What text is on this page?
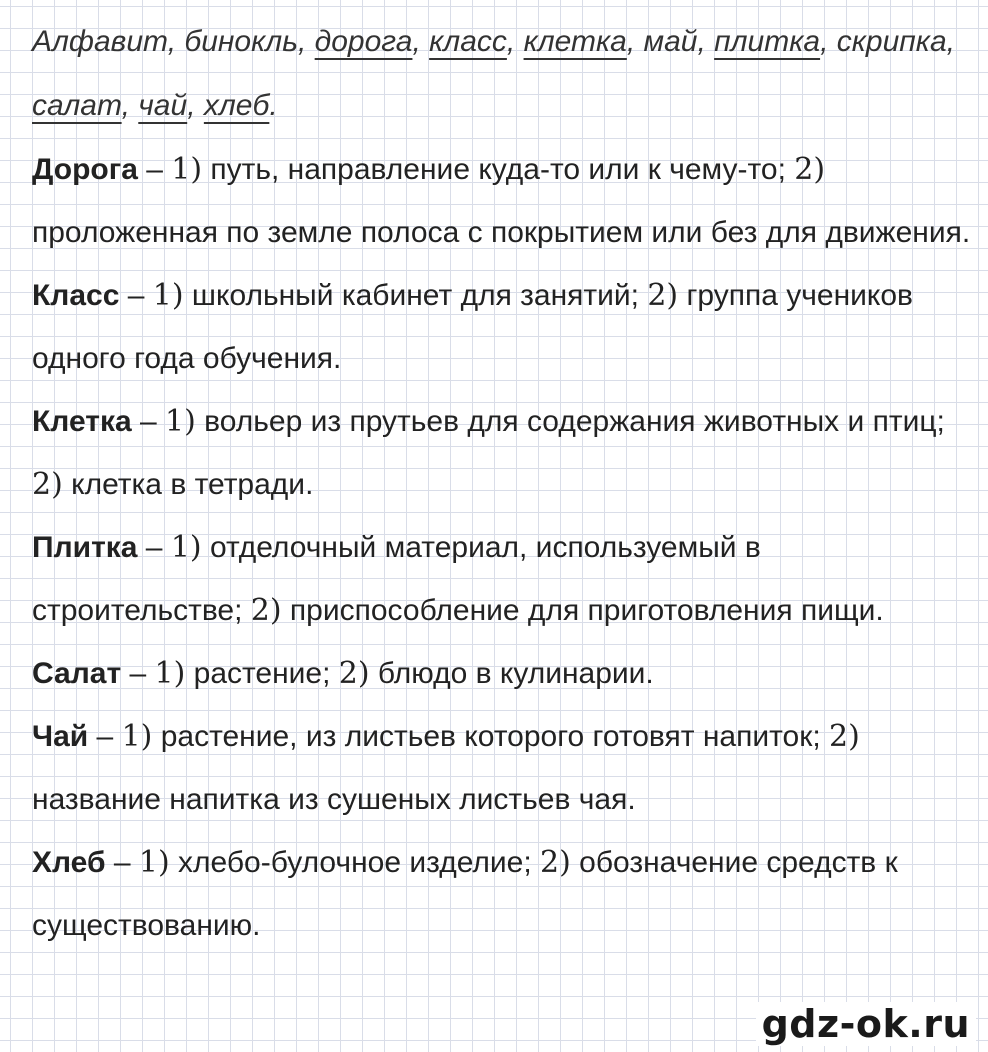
Алфавит, бинокль, дорога, класс, клетка, май, плитка, скрипка, салат, чай, хлеб.

Дорога – 1) путь, направление куда-то или к чему-то; 2) проложенная по земле полоса с покрытием или без для движения.

Класс – 1) школьный кабинет для занятий; 2) группа учеников одного года обучения.

Клетка – 1) вольер из прутьев для содержания животных и птиц; 2) клетка в тетради.

Плитка – 1) отделочный материал, используемый в строительстве; 2) приспособление для приготовления пищи.

Салат – 1) растение; 2) блюдо в кулинарии.

Чай – 1) растение, из листьев которого готовят напиток; 2) название напитка из сушеных листьев чая.

Хлеб – 1) хлебо-булочное изделие; 2) обозначение средств к существованию.

gdz-ok.ru
